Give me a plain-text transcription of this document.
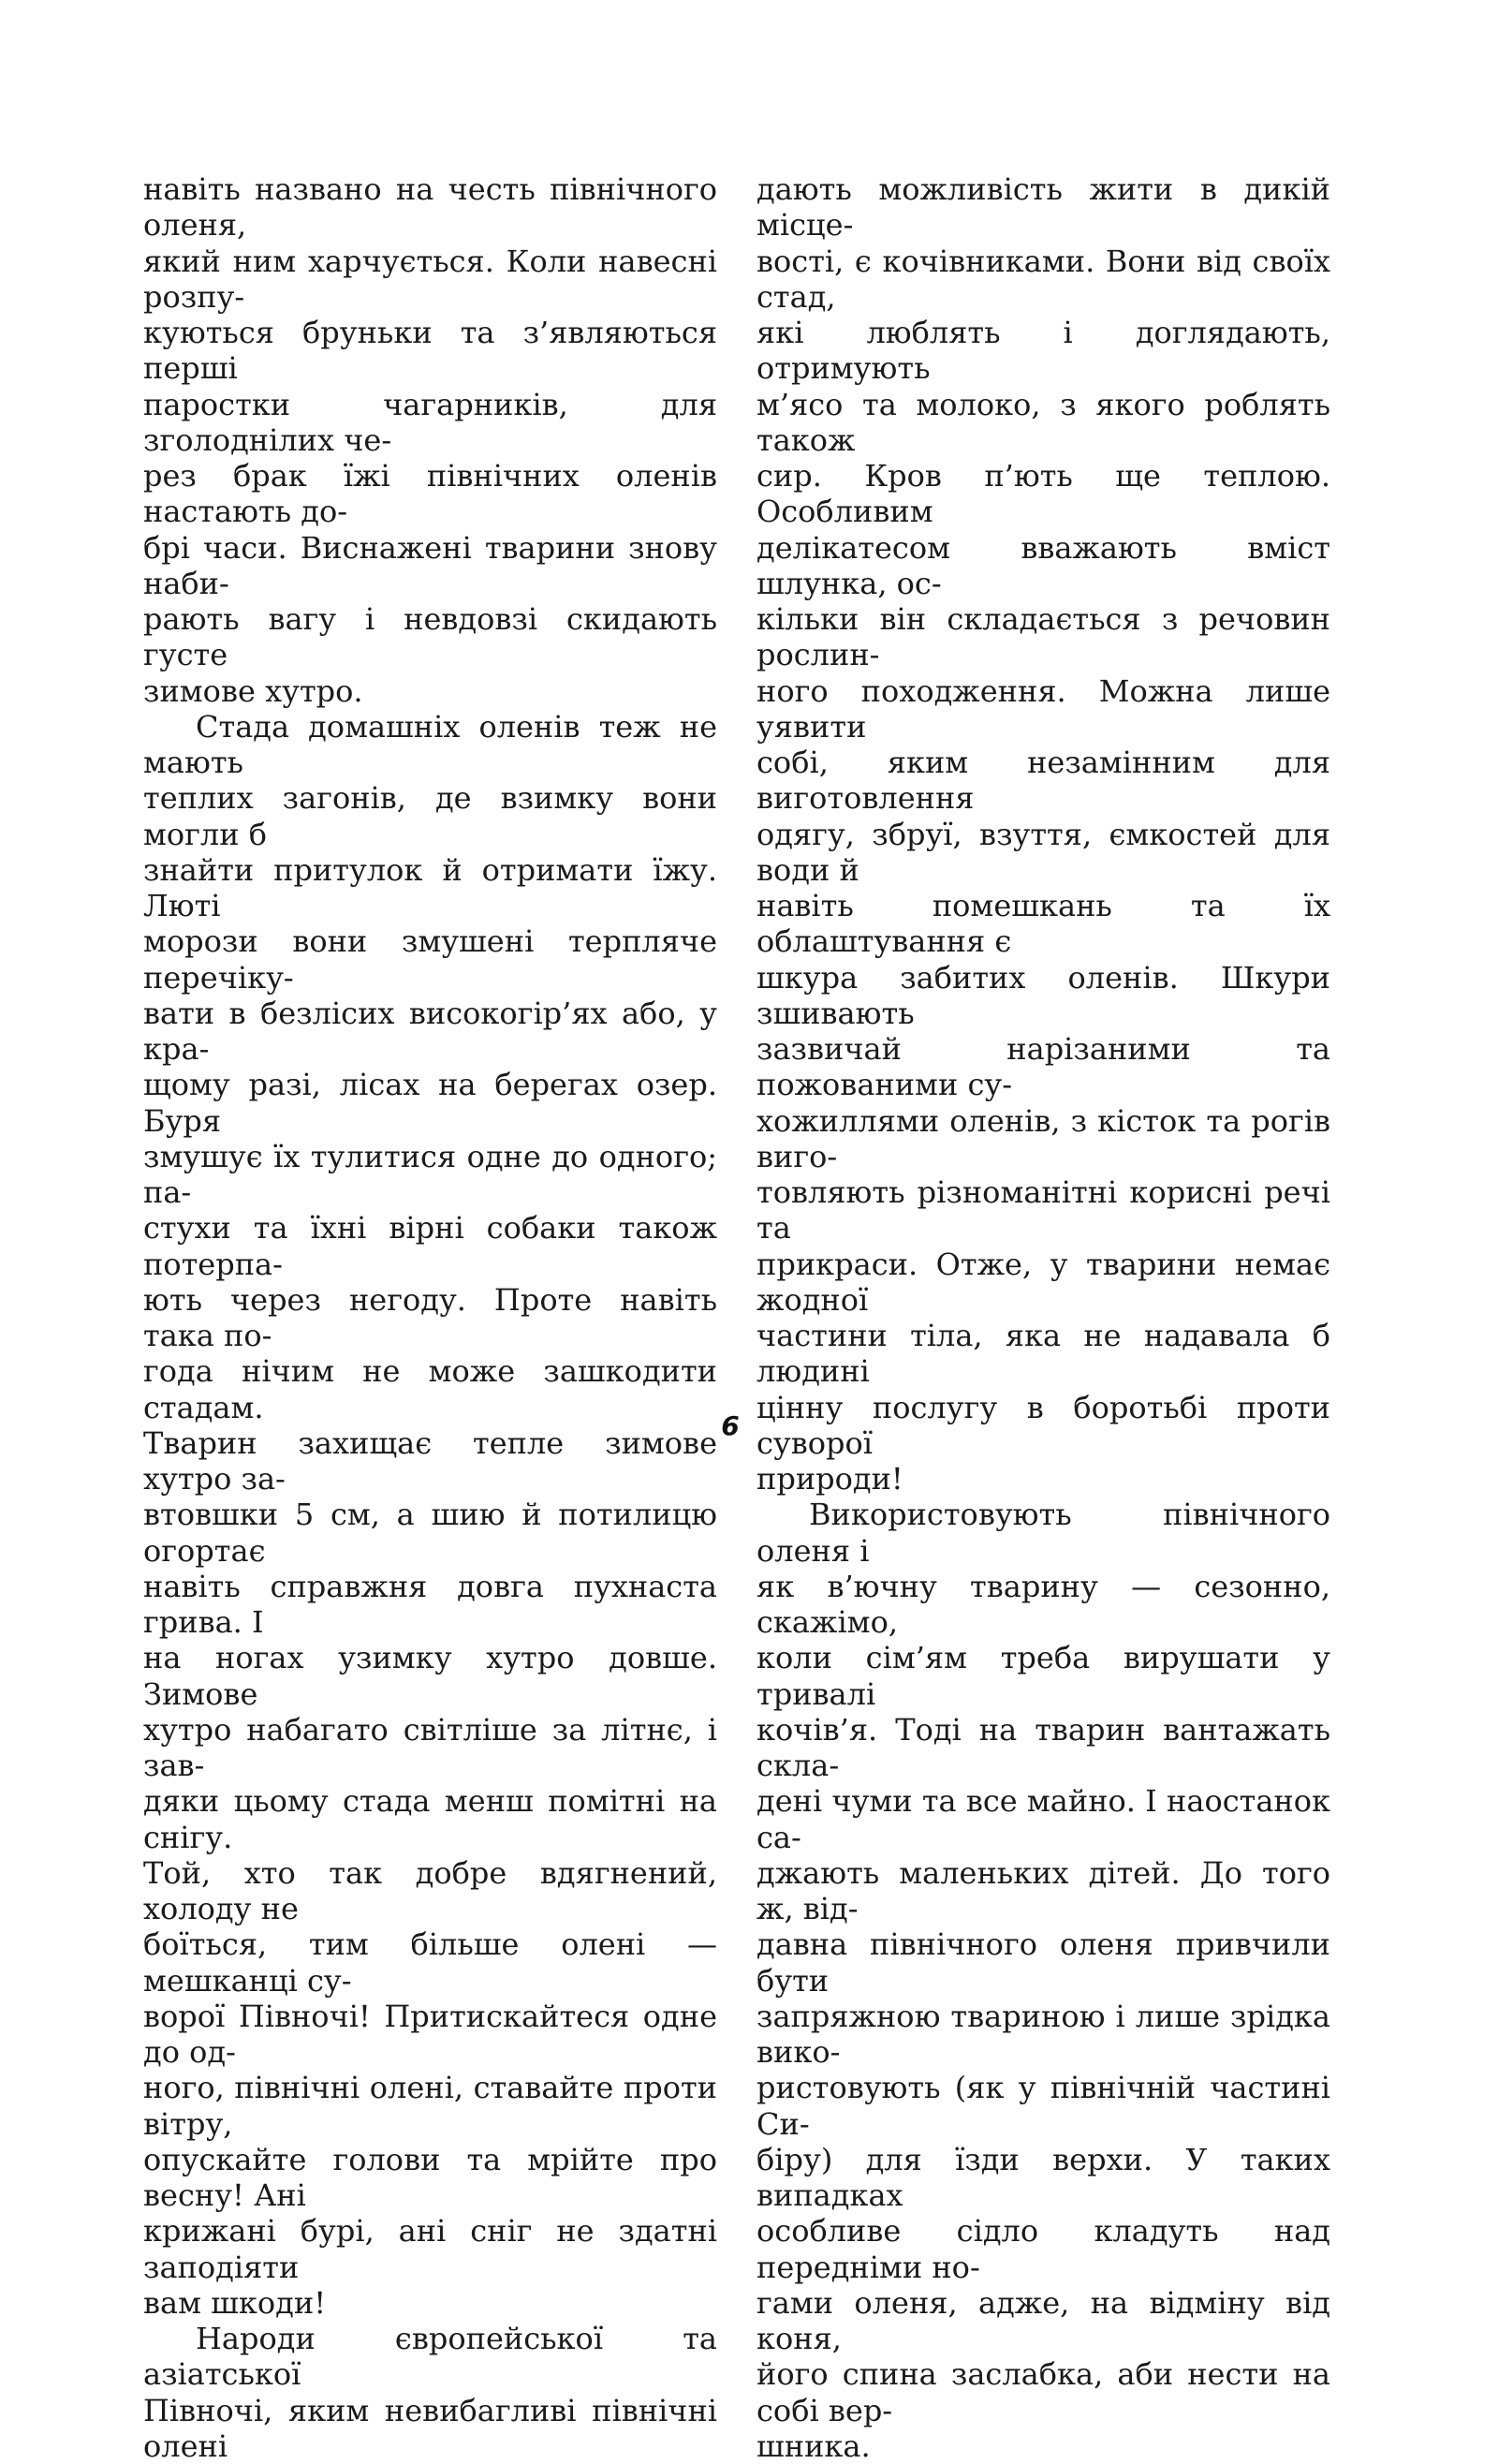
навіть названо на честь північного оленя,
який ним харчується. Коли навесні розпу-
куються бруньки та з’являються перші
паростки чагарників, для зголоднілих че-
рез брак їжі північних оленів настають до-
брі часи. Виснажені тварини знову наби-
рають вагу і невдовзі скидають густе
зимове хутро.

Стада домашніх оленів теж не мають
теплих загонів, де взимку вони могли б
знайти притулок й отримати їжу. Люті
морози вони змушені терпляче перечіку-
вати в безлісих високогір’ях або, у кра-
щому разі, лісах на берегах озер. Буря
змушує їх тулитися одне до одного; па-
стухи та їхні вірні собаки також потерпа-
ють через негоду. Проте навіть така по-
года нічим не може зашкодити стадам.
Тварин захищає тепле зимове хутро за-
втовшки 5 см, а шию й потилицю огортає
навіть справжня довга пухнаста грива. І
на ногах узимку хутро довше. Зимове
хутро набагато світліше за літнє, і зав-
дяки цьому стада менш помітні на снігу.
Той, хто так добре вдягнений, холоду не
боїться, тим більше олені — мешканці су-
ворої Півночі! Притискайтеся одне до од-
ного, північні олені, ставайте проти вітру,
опускайте голови та мрійте про весну! Ані
крижані бурі, ані сніг не здатні заподіяти
вам шкоди!

Народи європейської та азіатської
Півночі, яким невибагливі північні олені

дають можливість жити в дикій місце-
вості, є кочівниками. Вони від своїх стад,
які люблять і доглядають, отримують
м’ясо та молоко, з якого роблять також
сир. Кров п’ють ще теплою. Особливим
делікатесом вважають вміст шлунка, ос-
кільки він складається з речовин рослин-
ного походження. Можна лише уявити
собі, яким незамінним для виготовлення
одягу, збруї, взуття, ємкостей для води й
навіть помешкань та їх облаштування є
шкура забитих оленів. Шкури зшивають
зазвичай нарізаними та пожованими су-
хожиллями оленів, з кісток та рогів виго-
товляють різноманітні корисні речі та
прикраси. Отже, у тварини немає жодної
частини тіла, яка не надавала б людині
цінну послугу в боротьбі проти суворої
природи!

Використовують північного оленя і
як в’ючну тварину — сезонно, скажімо,
коли сім’ям треба вирушати у тривалі
кочів’я. Тоді на тварин вантажать скла-
дені чуми та все майно. І наостанок са-
джають маленьких дітей. До того ж, від-
давна північного оленя привчили бути
запряжною твариною і лише зрідка вико-
ристовують (як у північній частині Си-
біру) для їзди верхи. У таких випадках
особливе сідло кладуть над передніми но-
гами оленя, адже, на відміну від коня,
його спина заслабка, аби нести на собі вер-
шника.

6
